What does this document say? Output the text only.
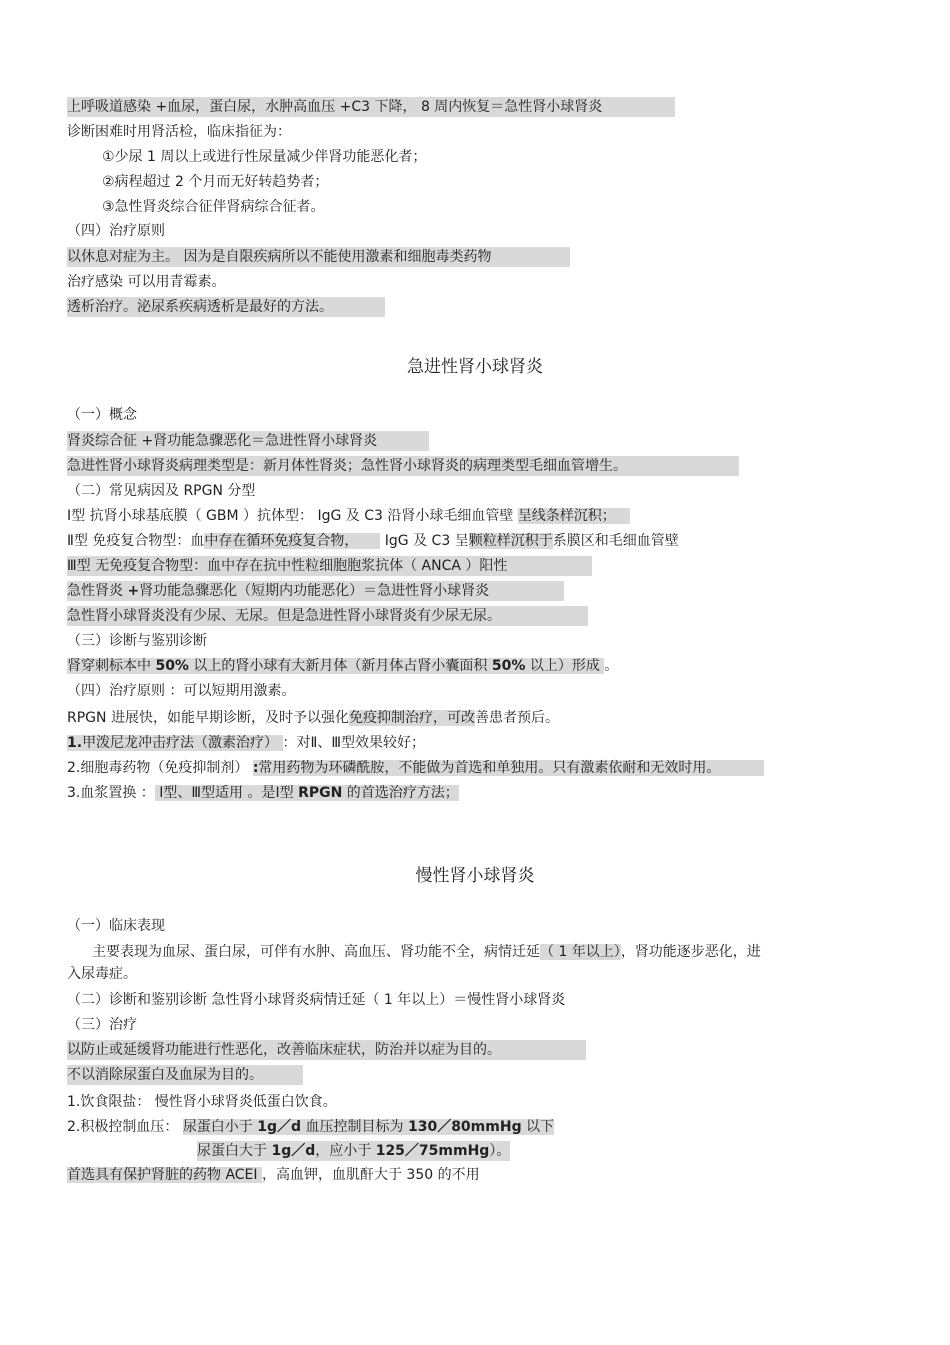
上呼吸道感染 +血尿，蛋白尿，水肿高血压 +C3 下降， 8 周内恢复＝急性肾小球肾炎
诊断困难时用肾活检，临床指征为：
①少尿 1 周以上或进行性尿量减少伴肾功能恶化者；
②病程超过 2 个月而无好转趋势者；
③急性肾炎综合征伴肾病综合征者。
（四）治疗原则
以休息对症为主。 因为是自限疾病所以不能使用激素和细胞毒类药物
治疗感染 可以用青霉素。
透析治疗。泌尿系疾病透析是最好的方法。
急进性肾小球肾炎
（一）概念
肾炎综合征 +肾功能急骤恶化＝急进性肾小球肾炎
急进性肾小球肾炎病理类型是：新月体性肾炎；急性肾小球肾炎的病理类型毛细血管增生。
（二）常见病因及 RPGN 分型
Ⅰ型 抗肾小球基底膜（ GBM ）抗体型： IgG 及 C3 沿肾小球毛细血管壁 呈线条样沉积；
Ⅱ型 免疫复合物型：血中存在循环免疫复合物， IgG 及 C3 呈颗粒样沉积于系膜区和毛细血管壁
Ⅲ型 无免疫复合物型：血中存在抗中性粒细胞胞浆抗体（ ANCA ）阳性
急性肾炎 +肾功能急骤恶化（短期内功能恶化）＝急进性肾小球肾炎
急性肾小球肾炎没有少尿、无尿。但是急进性肾小球肾炎有少尿无尿。
（三）诊断与鉴别诊断
肾穿刺标本中 50% 以上的肾小球有大新月体（新月体占肾小囊面积 50% 以上）形成 。
（四）治疗原则 ：可以短期用激素。
RPGN 进展快，如能早期诊断，及时予以强化免疫抑制治疗，可改善患者预后。
1.甲泼尼龙冲击疗法（激素治疗） ：对Ⅱ、Ⅲ型效果较好；
2.细胞毒药物（免疫抑制剂） :常用药物为环磷酰胺，不能做为首选和单独用。只有激素依耐和无效时用。
3.血浆置换 ： Ⅰ型、Ⅲ型适用 。是Ⅰ型 RPGN 的首选治疗方法；
慢性肾小球肾炎
（一）临床表现
主要表现为血尿、蛋白尿，可伴有水肿、高血压、肾功能不全，病情迁延（ 1 年以上），肾功能逐步恶化，进
入尿毒症。
（二）诊断和鉴别诊断 急性肾小球肾炎病情迁延（ 1 年以上）＝慢性肾小球肾炎
（三）治疗
以防止或延缓肾功能进行性恶化，改善临床症状，防治并以症为目的。
不以消除尿蛋白及血尿为目的。
1.饮食限盐： 慢性肾小球肾炎低蛋白饮食。
2.积极控制血压： 尿蛋白小于 1g／d 血压控制目标为 130／80mmHg 以下
尿蛋白大于 1g／d，应小于 125／75mmHg）。
首选具有保护肾脏的药物 ACEI ，高血钾，血肌酐大于 350 的不用
